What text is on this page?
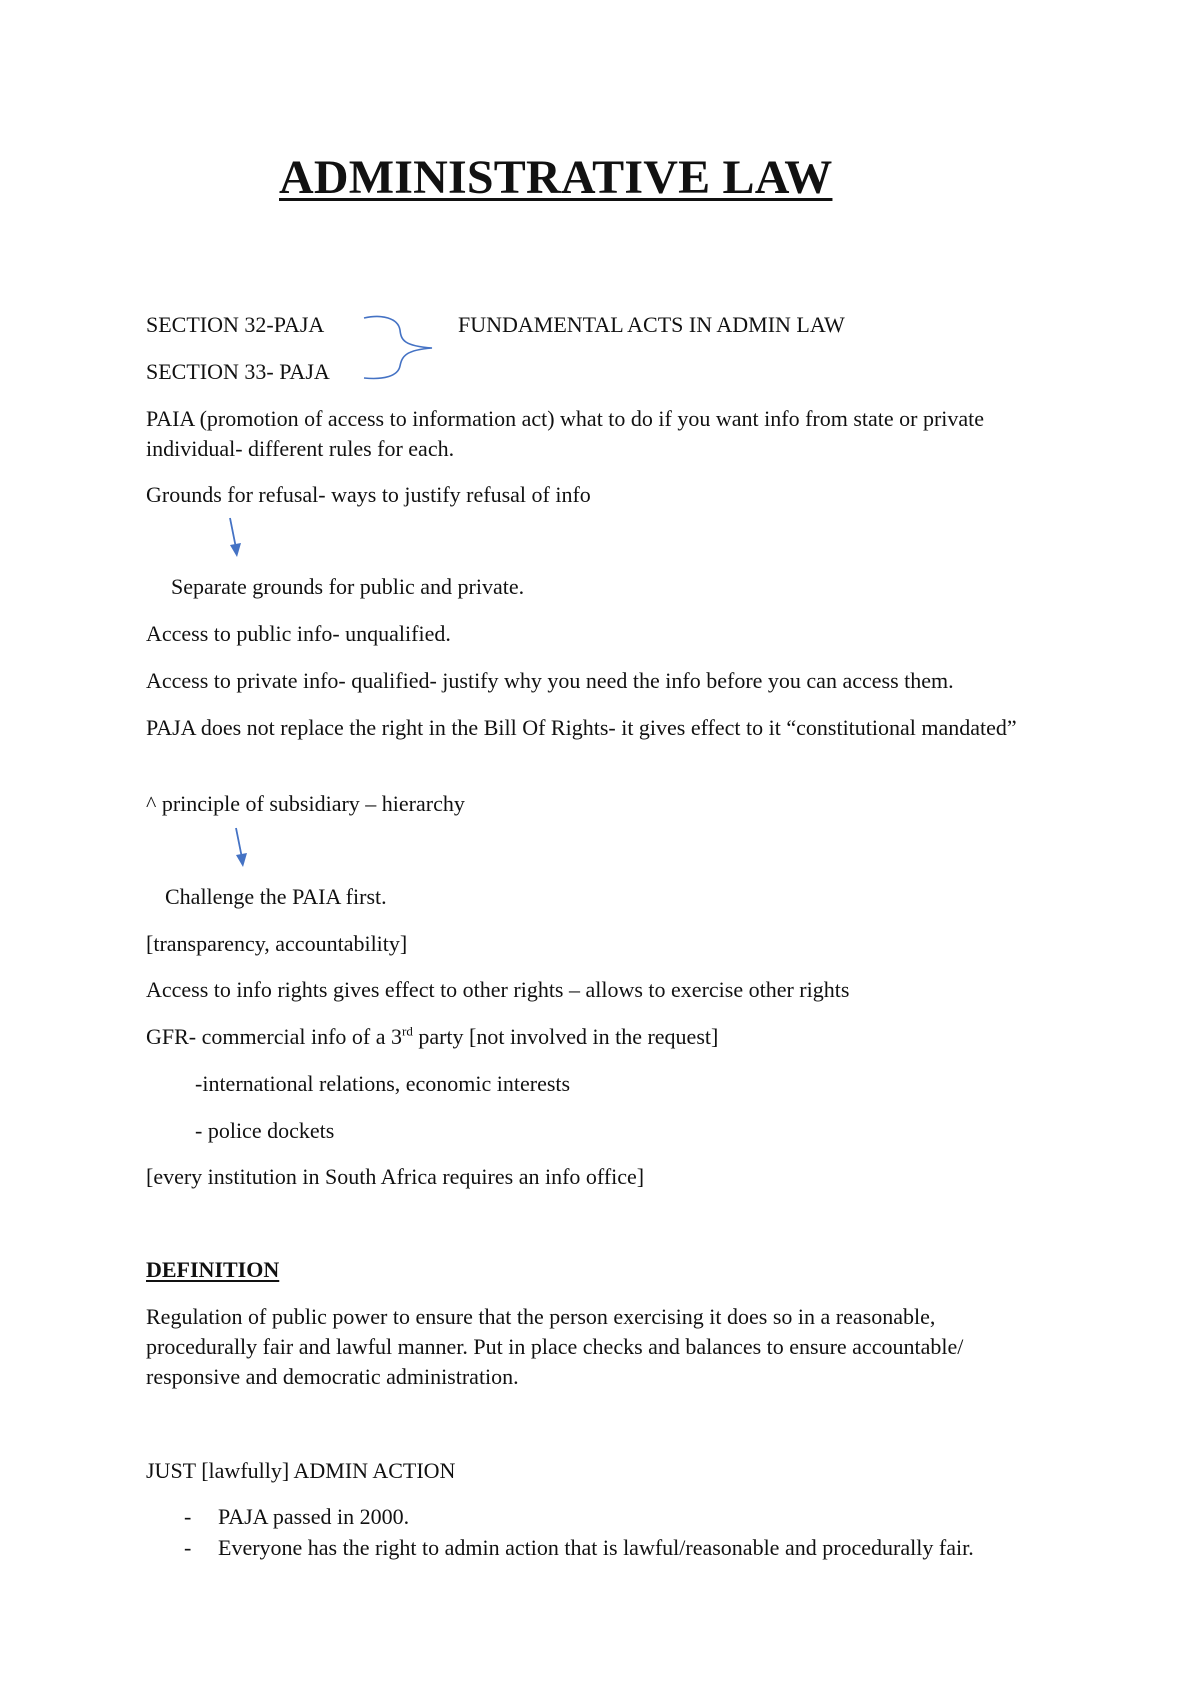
ADMINISTRATIVE LAW
SECTION 32-PAJA	FUNDAMENTAL ACTS IN ADMIN LAW
SECTION 33- PAJA
PAIA (promotion of access to information act) what to do if you want info from state or private individual- different rules for each.
Grounds for refusal- ways to justify refusal of info
Separate grounds for public and private.
Access to public info- unqualified.
Access to private info- qualified- justify why you need the info before you can access them.
PAJA does not replace the right in the Bill Of Rights- it gives effect to it “constitutional mandated”
^ principle of subsidiary – hierarchy
Challenge the PAIA first.
[transparency, accountability]
Access to info rights gives effect to other rights – allows to exercise other rights
GFR- commercial info of a 3rd party [not involved in the request]
-international relations, economic interests
- police dockets
[every institution in South Africa requires an info office]
DEFINITION
Regulation of public power to ensure that the person exercising it does so in a reasonable, procedurally fair and lawful manner. Put in place checks and balances to ensure accountable/ responsive and democratic administration.
JUST [lawfully] ADMIN ACTION
- PAJA passed in 2000.
- Everyone has the right to admin action that is lawful/reasonable and procedurally fair.
